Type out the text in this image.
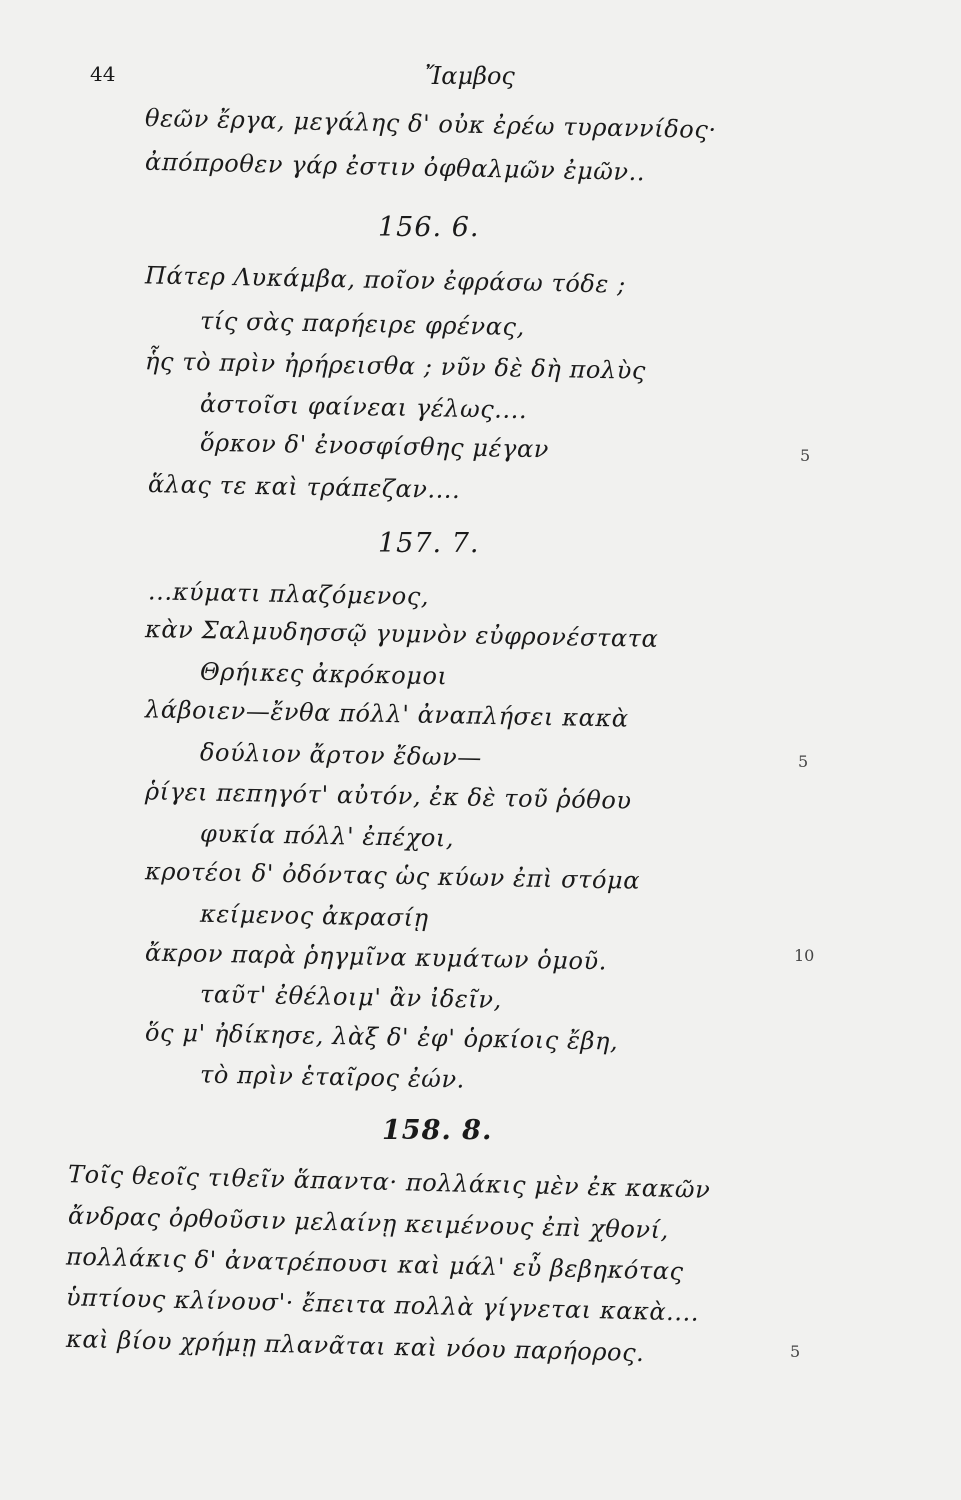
44	Ἴαμβος
θεῶν ἔργα, μεγάλης δ' οὐκ ἐρέω τυραννίδος·
ἀπόπροθεν γάρ ἐστιν ὀφθαλμῶν ἐμῶν..
156. 6.
Πάτερ Λυκάμβα, ποῖον ἐφράσω τόδε ;
τίς σὰς παρήειρε φρένας,
ἧς τὸ πρὶν ἠρήρεισθα ; νῦν δὲ δὴ πολὺς
ἀστοῖσι φαίνεαι γέλως....
ὅρκον δ' ἐνοσφίσθης μέγαν
ἅλας τε καὶ τράπεζαν....
5
157. 7.
...κύματι πλαζόμενος,
κὰν Σαλμυδησσῷ γυμνὸν εὐφρονέστατα
Θρήικες ἀκρόκομοι
λάβοιεν—ἔνθα πόλλ' ἀναπλήσει κακὰ
δούλιον ἄρτον ἔδων—
ῥίγει πεπηγότ' αὐτόν, ἐκ δὲ τοῦ ῥόθου
φυκία πόλλ' ἐπέχοι,
κροτέοι δ' ὀδόντας ὡς κύων ἐπὶ στόμα
κείμενος ἀκρασίῃ
ἄκρον παρὰ ῥηγμῖνα κυμάτων ὁμοῦ.
ταῦτ' ἐθέλοιμ' ἂν ἰδεῖν,
ὅς μ' ἠδίκησε, λὰξ δ' ἐφ' ὁρκίοις ἔβη,
τὸ πρὶν ἑταῖρος ἐών.
5
10
158. 8.
Τοῖς θεοῖς τιθεῖν ἅπαντα· πολλάκις μὲν ἐκ κακῶν
ἄνδρας ὀρθοῦσιν μελαίνῃ κειμένους ἐπὶ χθονί,
πολλάκις δ' ἀνατρέπουσι καὶ μάλ' εὖ βεβηκότας
ὑπτίους κλίνουσ'· ἔπειτα πολλὰ γίγνεται κακὰ....
καὶ βίου χρήμῃ πλανᾶται καὶ νόου παρήορος.	5
